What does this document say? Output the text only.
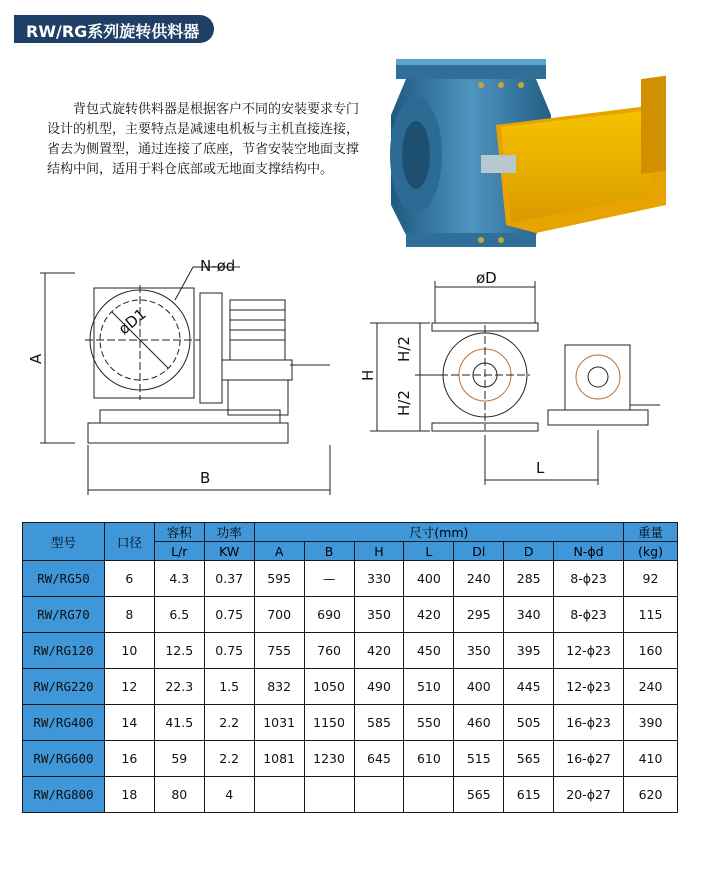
RW/RG系列旋转供料器
背包式旋转供料器是根据客户不同的安装要求专门设计的机型，主要特点是减速电机板与主机直接连接，省去为侧置型，通过连接了底座，节省安装空地面支撑结构中间，适用于料仓底部或无地面支撑结构中。
N-ød
øD1
A
B
øD
H
H/2
H/2
L
型号	口径	容积	功率	尺寸(mm)							重量
		L/r	KW	A	B	H	L	Dl	D	N-ϕd	(kg)
RW/RG50	6	4.3	0.37	595	—	330	400	240	285	8-ϕ23	92
RW/RG70	8	6.5	0.75	700	690	350	420	295	340	8-ϕ23	115
RW/RG120	10	12.5	0.75	755	760	420	450	350	395	12-ϕ23	160
RW/RG220	12	22.3	1.5	832	1050	490	510	400	445	12-ϕ23	240
RW/RG400	14	41.5	2.2	1031	1150	585	550	460	505	16-ϕ23	390
RW/RG600	16	59	2.2	1081	1230	645	610	515	565	16-ϕ27	410
RW/RG800	18	80	4					565	615	20-ϕ27	620
